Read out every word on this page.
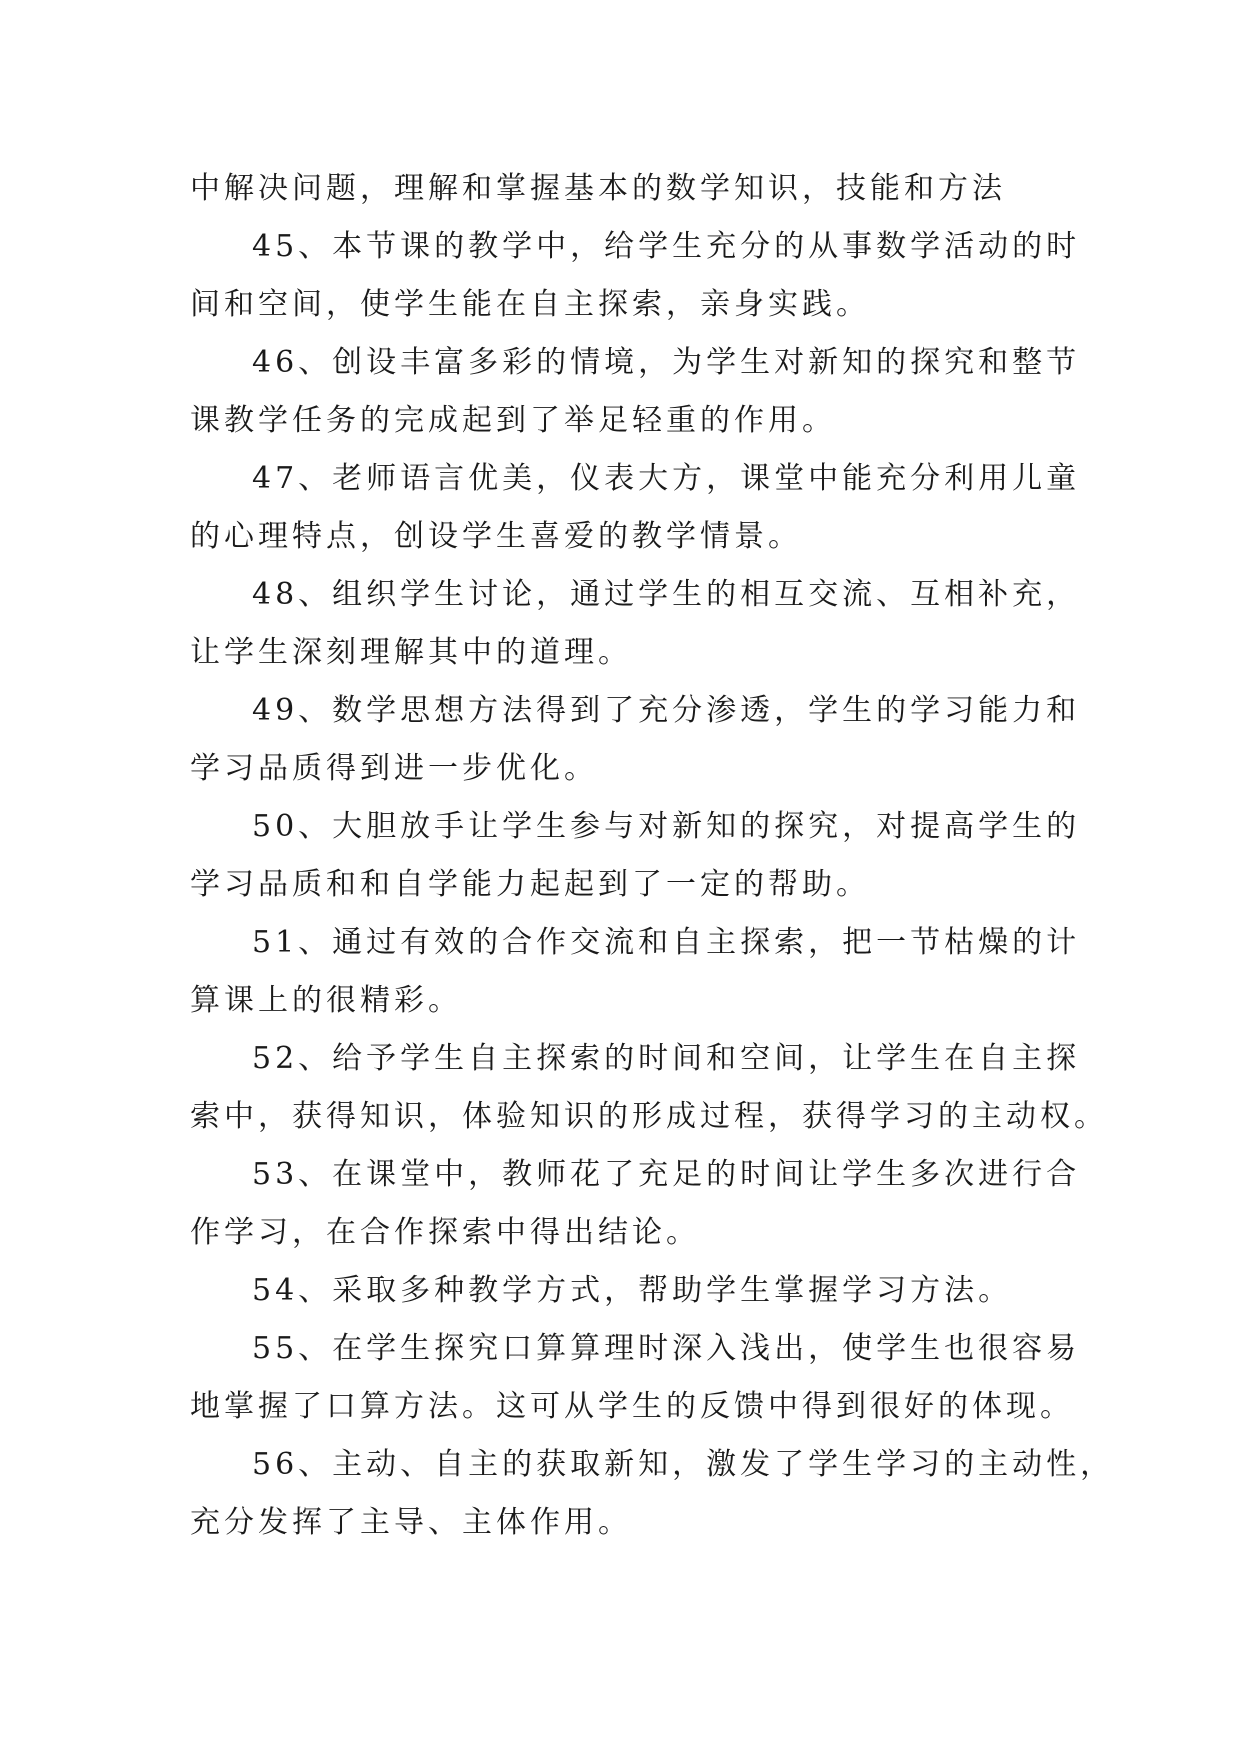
中解决问题，理解和掌握基本的数学知识，技能和方法
45、本节课的教学中，给学生充分的从事数学活动的时
间和空间，使学生能在自主探索，亲身实践。
46、创设丰富多彩的情境，为学生对新知的探究和整节
课教学任务的完成起到了举足轻重的作用。
47、老师语言优美，仪表大方，课堂中能充分利用儿童
的心理特点，创设学生喜爱的教学情景。
48、组织学生讨论，通过学生的相互交流、互相补充，
让学生深刻理解其中的道理。
49、数学思想方法得到了充分渗透，学生的学习能力和
学习品质得到进一步优化。
50、大胆放手让学生参与对新知的探究，对提高学生的
学习品质和和自学能力起起到了一定的帮助。
51、通过有效的合作交流和自主探索，把一节枯燥的计
算课上的很精彩。
52、给予学生自主探索的时间和空间，让学生在自主探
索中，获得知识，体验知识的形成过程，获得学习的主动权。
53、在课堂中，教师花了充足的时间让学生多次进行合
作学习，在合作探索中得出结论。
54、采取多种教学方式，帮助学生掌握学习方法。
55、在学生探究口算算理时深入浅出，使学生也很容易
地掌握了口算方法。这可从学生的反馈中得到很好的体现。
56、主动、自主的获取新知，激发了学生学习的主动性，
充分发挥了主导、主体作用。
